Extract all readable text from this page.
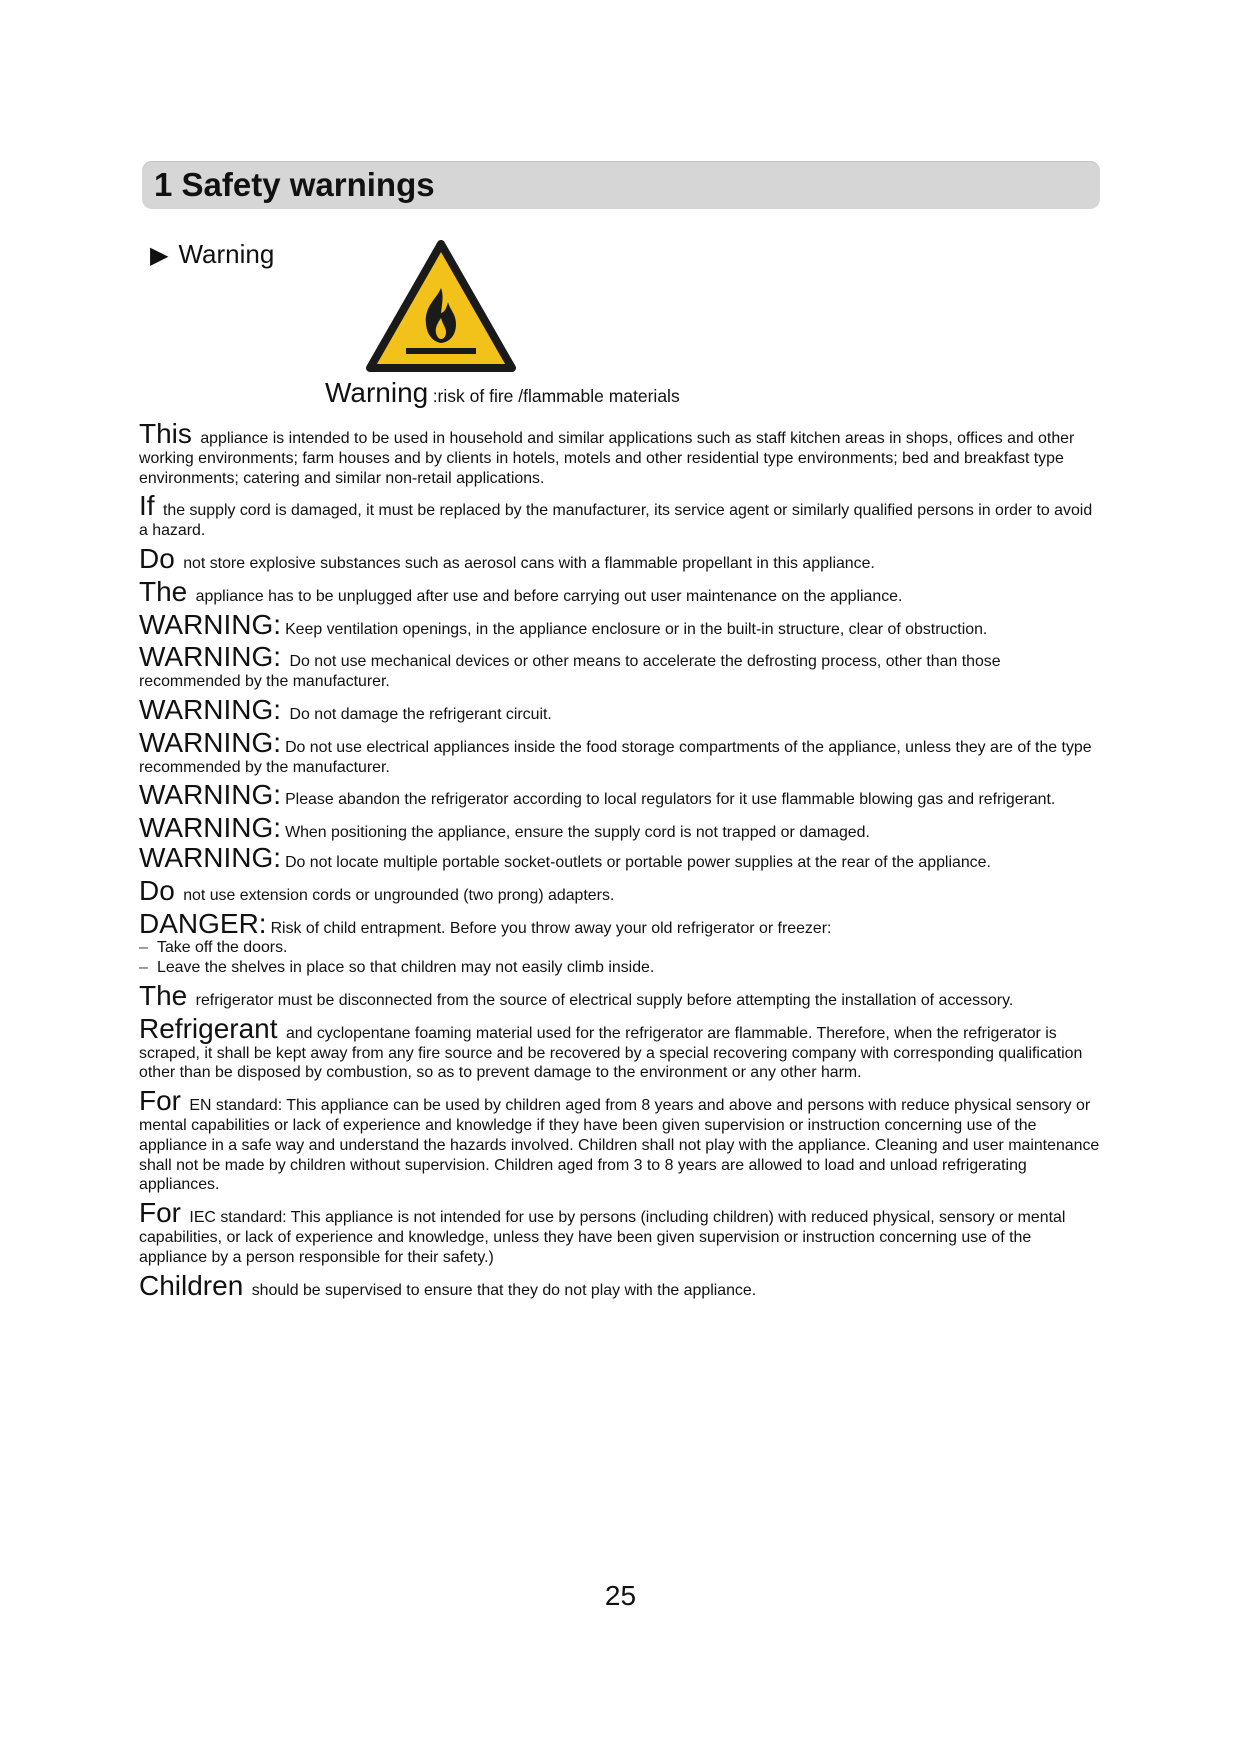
1 Safety warnings
▶ Warning
Warning :risk of fire /flammable materials

This appliance is intended to be used in household and similar applications such as staff kitchen areas in shops, offices and other working environments; farm houses and by clients in hotels, motels and other residential type environments; bed and breakfast type environments; catering and similar non-retail applications.

If the supply cord is damaged, it must be replaced by the manufacturer, its service agent or similarly qualified persons in order to avoid a hazard.

Do not store explosive substances such as aerosol cans with a flammable propellant in this appliance.

The appliance has to be unplugged after use and before carrying out user maintenance on the appliance.

WARNING: Keep ventilation openings, in the appliance enclosure or in the built-in structure, clear of obstruction.

WARNING: Do not use mechanical devices or other means to accelerate the defrosting process, other than those recommended by the manufacturer.

WARNING: Do not damage the refrigerant circuit.

WARNING: Do not use electrical appliances inside the food storage compartments of the appliance, unless they are of the type recommended by the manufacturer.

WARNING: Please abandon the refrigerator according to local regulators for it use flammable blowing gas and refrigerant.

WARNING: When positioning the appliance, ensure the supply cord is not trapped or damaged.

WARNING: Do not locate multiple portable socket-outlets or portable power supplies at the rear of the appliance.

Do not use extension cords or ungrounded (two prong) adapters.

DANGER: Risk of child entrapment. Before you throw away your old refrigerator or freezer:

– Take off the doors.

– Leave the shelves in place so that children may not easily climb inside.

The refrigerator must be disconnected from the source of electrical supply before attempting the installation of accessory.

Refrigerant and cyclopentane foaming material used for the refrigerator are flammable. Therefore, when the refrigerator is scraped, it shall be kept away from any fire source and be recovered by a special recovering company with corresponding qualification other than be disposed by combustion, so as to prevent damage to the environment or any other harm.

For EN standard: This appliance can be used by children aged from 8 years and above and persons with reduce physical sensory or mental capabilities or lack of experience and knowledge if they have been given supervision or instruction concerning use of the appliance in a safe way and understand the hazards involved. Children shall not play with the appliance. Cleaning and user maintenance shall not be made by children without supervision. Children aged from 3 to 8 years are allowed to load and unload refrigerating appliances.

For IEC standard: This appliance is not intended for use by persons (including children) with reduced physical, sensory or mental capabilities, or lack of experience and knowledge, unless they have been given supervision or instruction concerning use of the appliance by a person responsible for their safety.)

Children should be supervised to ensure that they do not play with the appliance.

25
